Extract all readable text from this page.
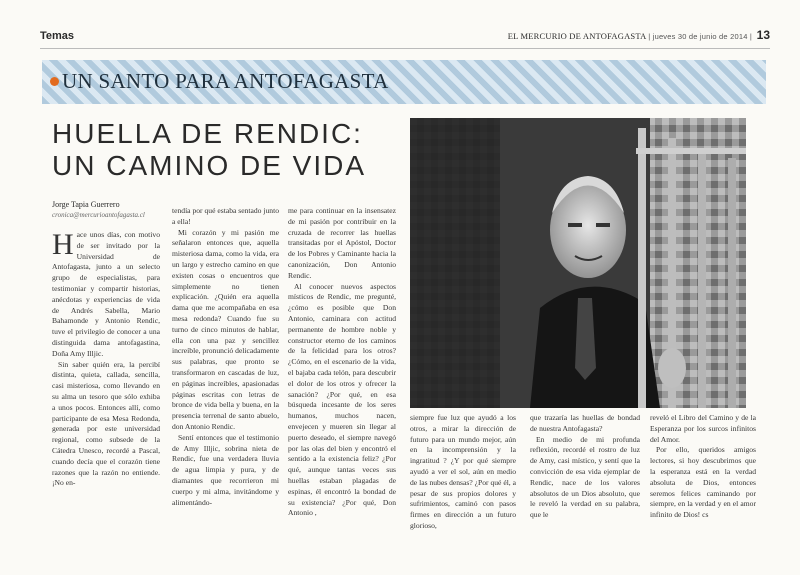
Temas	EL MERCURIO DE ANTOFAGASTA | jueves 30 de junio de 2014 | 13
UN SANTO PARA ANTOFAGASTA
HUELLA DE RENDIC:
UN CAMINO DE VIDA
Jorge Tapia Guerrero
cronica@mercurioantofagasta.cl
H ace unos días, con motivo de ser invitado por la Universidad de Antofagasta, junto a un selecto grupo de especialistas, para testimoniar y compartir historias, anécdotas y experiencias de vida de Andrés Sabella, Mario Bahamonde y Antonio Rendic, tuve el privilegio de conocer a una distinguida dama antofagastina, Doña Amy Illjic.

Sin saber quién era, la percibí distinta, quieta, callada, sencilla, casi misteriosa, como llevando en su alma un tesoro que sólo exhiba a unos pocos. Entonces allí, como participante de esa Mesa Redonda, generada por este universidad regional, como subsede de la Cátedra Unesco, recordé a Pascal, cuando decía que el corazón tiene razones que la razón no entiende. ¡No en-

tendía por qué estaba sentado junto a ella!

Mi corazón y mi pasión me señalaron entonces que, aquella misteriosa dama, como la vida, era un largo y estrecho camino en que existen cosas o encuentros que simplemente no tienen explicación. ¿Quién era aquella dama que me acompañaba en esa mesa redonda? Cuando fue su turno de cinco minutos de hablar, ella con una paz y sencillez increíble, pronunció delicadamente sus palabras, que pronto se transformaron en cascadas de luz, en páginas increíbles, apasionadas páginas escritas con letras de bronce de vida bella y buena, en la presencia terrenal de santo abuelo, don Antonio Rendic.

Sentí entonces que el testimonio de Amy Illjic, sobrina nieta de Rendic, fue una verdadera lluvia de agua limpia y pura, y de diamantes que recorrieron mi cuerpo y mi alma, invitándome y alimentándo-

me para continuar en la insensatez de mi pasión por contribuir en la cruzada de recorrer las huellas transitadas por el Apóstol, Doctor de los Pobres y Caminante hacia la canonización, Don Antonio Rendic.

Al conocer nuevos aspectos místicos de Rendic, me pregunté, ¿cómo es posible que Don Antonio, caminara con actitud permanente de hombre noble y constructor eterno de los caminos de la felicidad para los otros? ¿Cómo, en el escenario de la vida, el bajaba cada telón, para descubrir el dolor de los otros y ofrecer la sanación? ¿Por qué, en esa búsqueda incesante de los seres humanos, muchos nacen, envejecen y mueren sin llegar al puerto deseado, el siempre navegó por las olas del bien y encontró el sentido a la existencia feliz? ¿Por qué, aunque tantas veces sus huellas estaban plagadas de espinas, él encontró la bondad de su existencia? ¿Por qué, Don Antonio ,

siempre fue luz que ayudó a los otros, a mirar la dirección de futuro para un mundo mejor, aún en la incomprensión y la ingratitud ? ¿Y por qué siempre ayudó a ver el sol, aún en medio de las nubes densas? ¿Por qué él, a pesar de sus propios dolores y sufrimientos, caminó con pasos firmes en dirección a un futuro glorioso,

que trazaría las huellas de bondad de nuestra Antofagasta?

En medio de mi profunda reflexión, recordé el rostro de luz de Amy, casi místico, y sentí que la convicción de esa vida ejemplar de Rendic, nace de los valores absolutos de un Dios absoluto, que le reveló la verdad en su palabra, que le

reveló el Libro del Camino y de la Esperanza por los surcos infinitos del Amor.

Por ello, queridos amigos lectores, si hoy descubrimos que la esperanza está en la verdad absoluta de Dios, entonces seremos felices caminando por siempre, en la verdad y en el amor infinito de Dios! cs
